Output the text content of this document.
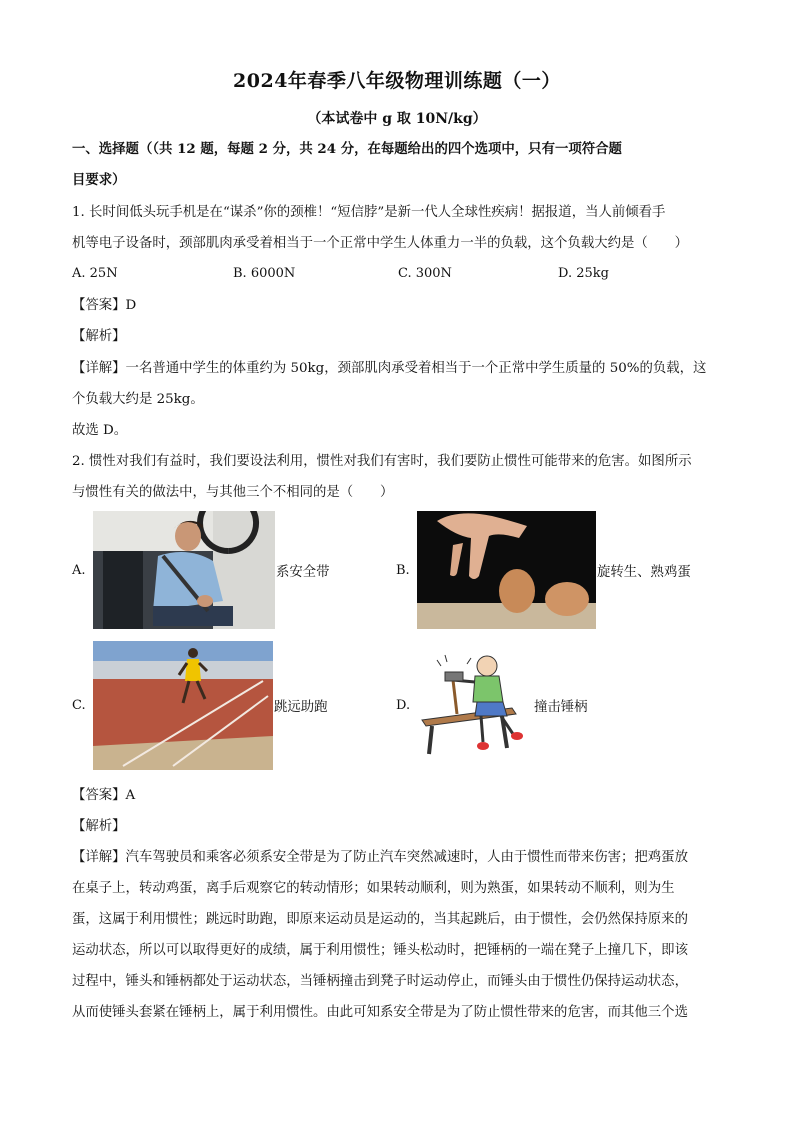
2024年春季八年级物理训练题（一）
（本试卷中 g 取 10N/kg）
一、选择题（（共 12 题，每题 2 分，共 24 分，在每题给出的四个选项中，只有一项符合题
目要求）
1. 长时间低头玩手机是在“谋杀”你的颈椎！“短信脖”是新一代人全球性疾病！据报道，当人前倾看手
机等电子设备时，颈部肌肉承受着相当于一个正常中学生人体重力一半的负载，这个负载大约是（　　）
A. 25N	B. 6000N	C. 300N	D. 25kg
【答案】D
【解析】
【详解】一名普通中学生的体重约为 50kg，颈部肌肉承受着相当于一个正常中学生质量的 50%的负载，这
个负载大约是 25kg。
故选 D。
2. 惯性对我们有益时，我们要设法利用，惯性对我们有害时，我们要防止惯性可能带来的危害。如图所示
与惯性有关的做法中，与其他三个不相同的是（　　）
A.	系安全带	B.	旋转生、熟鸡蛋
C.	跳远助跑	D.	撞击锤柄
【答案】A
【解析】
【详解】汽车驾驶员和乘客必须系安全带是为了防止汽车突然减速时，人由于惯性而带来伤害；把鸡蛋放
在桌子上，转动鸡蛋，离手后观察它的转动情形；如果转动顺利，则为熟蛋，如果转动不顺利，则为生
蛋，这属于利用惯性；跳远时助跑，即原来运动员是运动的，当其起跳后，由于惯性，会仍然保持原来的
运动状态，所以可以取得更好的成绩，属于利用惯性；锤头松动时，把锤柄的一端在凳子上撞几下，即该
过程中，锤头和锤柄都处于运动状态，当锤柄撞击到凳子时运动停止，而锤头由于惯性仍保持运动状态，
从而使锤头套紧在锤柄上，属于利用惯性。由此可知系安全带是为了防止惯性带来的危害，而其他三个选
